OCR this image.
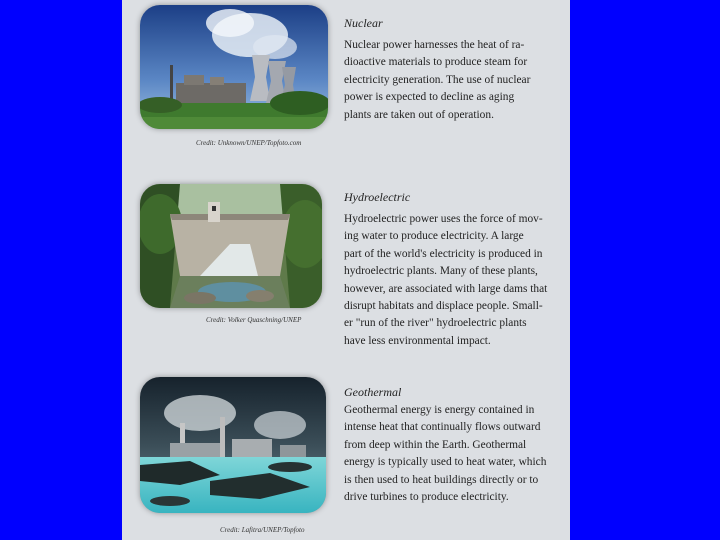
Credit: Unknown/UNEP/Topfoto.com
Nuclear
Nuclear power harnesses the heat of ra-
dioactive materials to produce steam for
electricity generation. The use of nuclear
power is expected to decline as aging
plants are taken out of operation.
Credit: Volker Quaschning/UNEP
Hydroelectric
Hydroelectric power uses the force of mov-
ing water to produce electricity. A large
part of the world's electricity is produced in
hydroelectric plants. Many of these plants,
however, are associated with large dams that
disrupt habitats and displace people. Small-
er "run of the river" hydroelectric plants
have less environmental impact.
Credit: Lafitra/UNEP/Topfoto
Geothermal
Geothermal energy is energy contained in
intense heat that continually flows outward
from deep within the Earth. Geothermal
energy is typically used to heat water, which
is then used to heat buildings directly or to
drive turbines to produce electricity.
